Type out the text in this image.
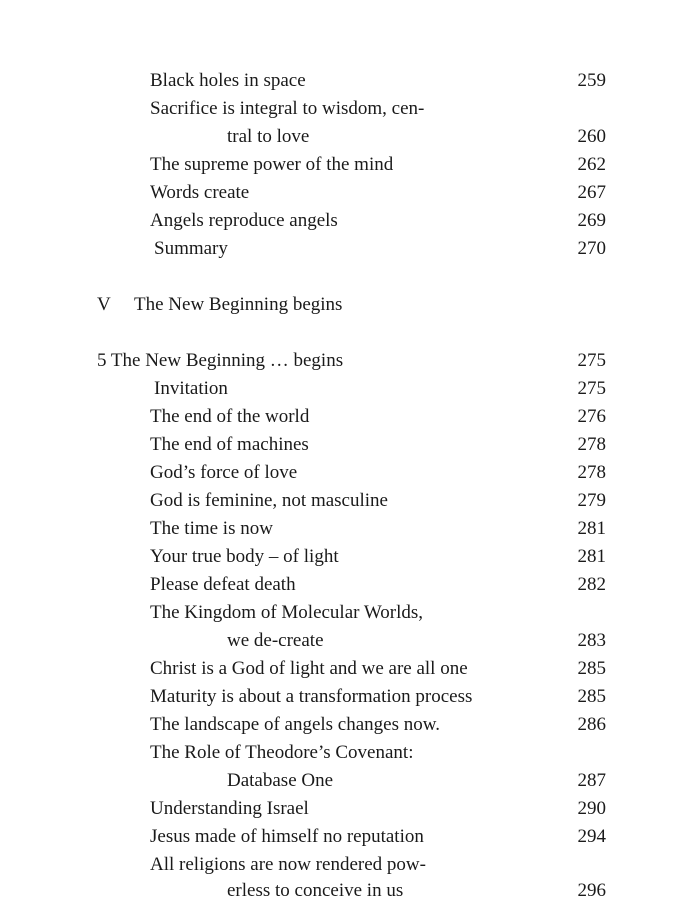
Black holes in space	259
Sacrifice is integral to wisdom, cen-
tral to love	260
The supreme power of the mind	262
Words create	267
Angels reproduce angels	269
Summary	270
V The New Beginning begins
5 The New Beginning … begins	275
Invitation	275
The end of the world	276
The end of machines	278
God’s force of love	278
God is feminine, not masculine	279
The time is now	281
Your true body – of light	281
Please defeat death	282
The Kingdom of Molecular Worlds,
we de-create	283
Christ is a God of light and we are all one	285
Maturity is about a transformation process	285
The landscape of angels changes now.	286
The Role of Theodore’s Covenant:
Database One	287
Understanding Israel	290
Jesus made of himself no reputation	294
All religions are now rendered pow-
erless to conceive in us	296
